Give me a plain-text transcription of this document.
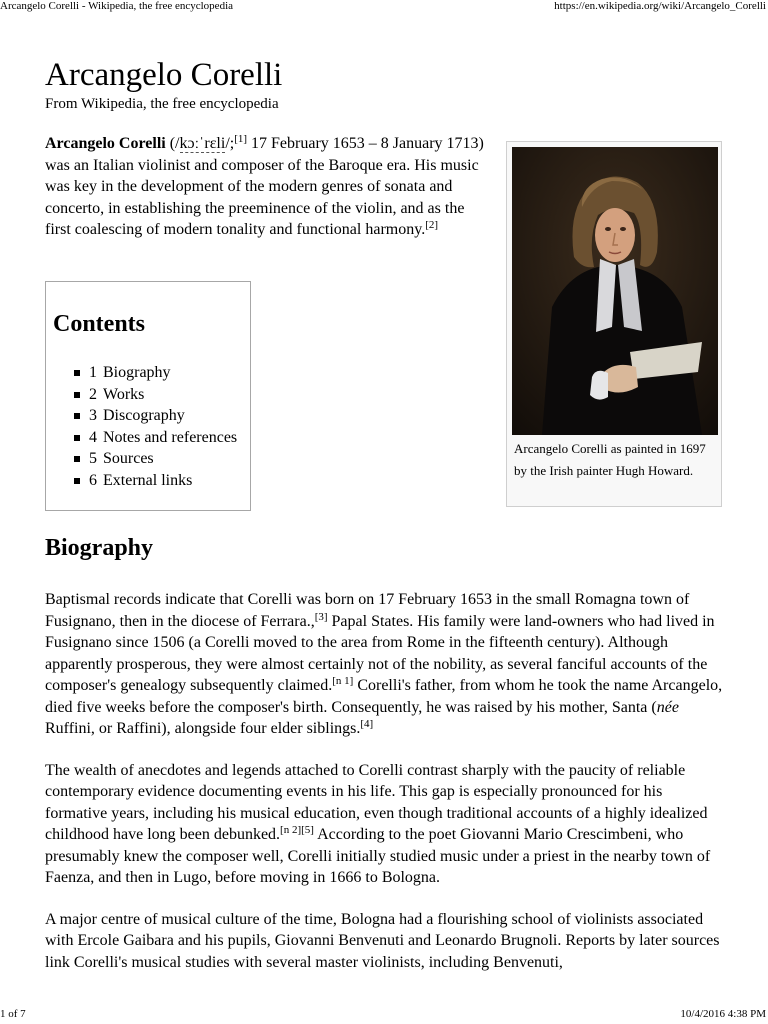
Arcangelo Corelli - Wikipedia, the free encyclopedia	https://en.wikipedia.org/wiki/Arcangelo_Corelli
Arcangelo Corelli
From Wikipedia, the free encyclopedia
Arcangelo Corelli (/kɔːˈrɛli/;[1] 17 February 1653 – 8 January 1713) was an Italian violinist and composer of the Baroque era. His music was key in the development of the modern genres of sonata and concerto, in establishing the preeminence of the violin, and as the first coalescing of modern tonality and functional harmony.[2]
Contents
1 Biography
2 Works
3 Discography
4 Notes and references
5 Sources
6 External links
Arcangelo Corelli as painted in 1697 by the Irish painter Hugh Howard.
Biography

Baptismal records indicate that Corelli was born on 17 February 1653 in the small Romagna town of Fusignano, then in the diocese of Ferrara.,[3] Papal States. His family were land-owners who had lived in Fusignano since 1506 (a Corelli moved to the area from Rome in the fifteenth century). Although apparently prosperous, they were almost certainly not of the nobility, as several fanciful accounts of the composer's genealogy subsequently claimed.[n 1] Corelli's father, from whom he took the name Arcangelo, died five weeks before the composer's birth. Consequently, he was raised by his mother, Santa (née Ruffini, or Raffini), alongside four elder siblings.[4]

The wealth of anecdotes and legends attached to Corelli contrast sharply with the paucity of reliable contemporary evidence documenting events in his life. This gap is especially pronounced for his formative years, including his musical education, even though traditional accounts of a highly idealized childhood have long been debunked.[n 2][5] According to the poet Giovanni Mario Crescimbeni, who presumably knew the composer well, Corelli initially studied music under a priest in the nearby town of Faenza, and then in Lugo, before moving in 1666 to Bologna.

A major centre of musical culture of the time, Bologna had a flourishing school of violinists associated with Ercole Gaibara and his pupils, Giovanni Benvenuti and Leonardo Brugnoli. Reports by later sources link Corelli's musical studies with several master violinists, including Benvenuti,

1 of 7	10/4/2016 4:38 PM
